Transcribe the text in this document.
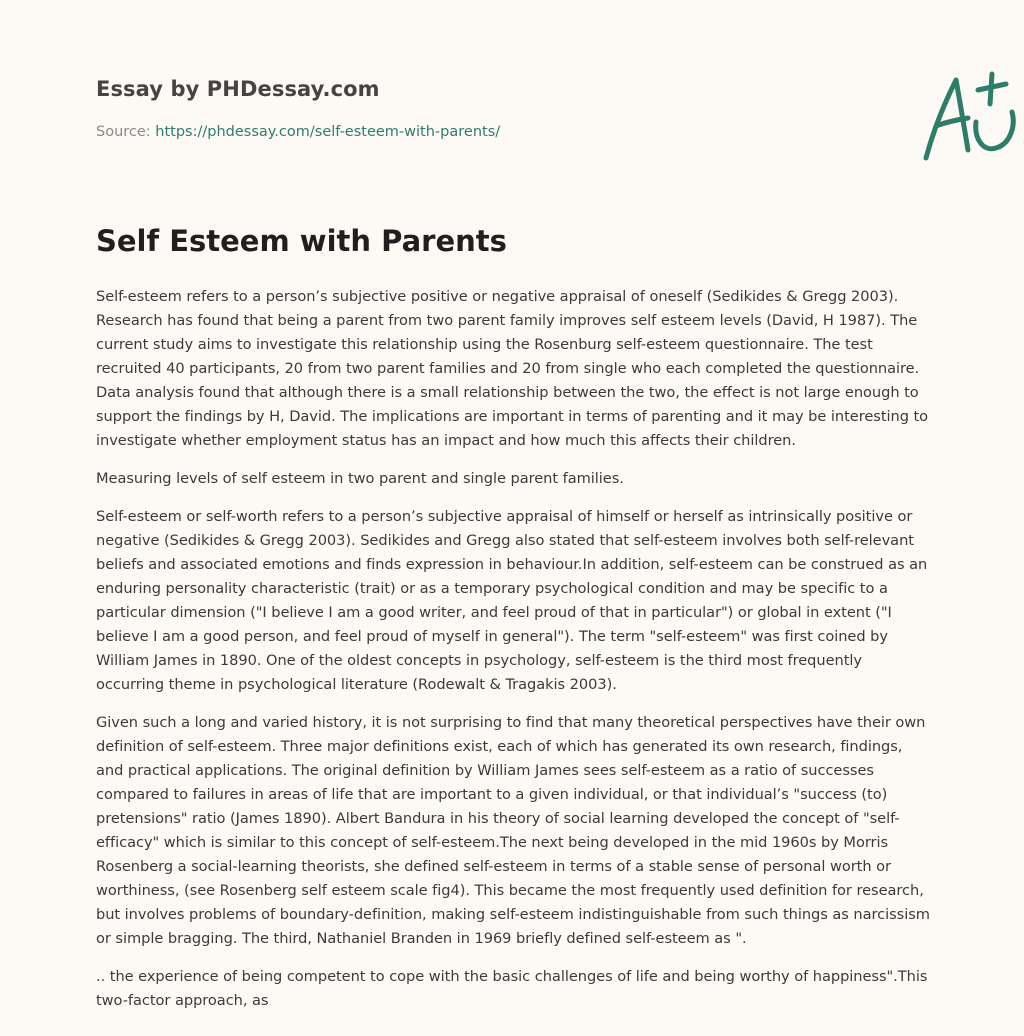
Essay by PHDessay.com
Source: https://phdessay.com/self-esteem-with-parents/
Self Esteem with Parents

Self-esteem refers to a person’s subjective positive or negative appraisal of oneself (Sedikides & Gregg 2003). Research has found that being a parent from two parent family improves self esteem levels (David, H 1987). The current study aims to investigate this relationship using the Rosenburg self-esteem questionnaire. The test recruited 40 participants, 20 from two parent families and 20 from single who each completed the questionnaire. Data analysis found that although there is a small relationship between the two, the effect is not large enough to support the findings by H, David. The implications are important in terms of parenting and it may be interesting to investigate whether employment status has an impact and how much this affects their children.

Measuring levels of self esteem in two parent and single parent families.

Self-esteem or self-worth refers to a person’s subjective appraisal of himself or herself as intrinsically positive or negative (Sedikides & Gregg 2003). Sedikides and Gregg also stated that self-esteem involves both self-relevant beliefs and associated emotions and finds expression in behaviour.In addition, self-esteem can be construed as an enduring personality characteristic (trait) or as a temporary psychological condition and may be specific to a particular dimension ("I believe I am a good writer, and feel proud of that in particular") or global in extent ("I believe I am a good person, and feel proud of myself in general"). The term "self-esteem" was first coined by William James in 1890. One of the oldest concepts in psychology, self-esteem is the third most frequently occurring theme in psychological literature (Rodewalt & Tragakis 2003).

Given such a long and varied history, it is not surprising to find that many theoretical perspectives have their own definition of self-esteem. Three major definitions exist, each of which has generated its own research, findings, and practical applications. The original definition by William James sees self-esteem as a ratio of successes compared to failures in areas of life that are important to a given individual, or that individual’s "success (to) pretensions" ratio (James 1890). Albert Bandura in his theory of social learning developed the concept of "self-efficacy" which is similar to this concept of self-esteem.The next being developed in the mid 1960s by Morris Rosenberg a social-learning theorists, she defined self-esteem in terms of a stable sense of personal worth or worthiness, (see Rosenberg self esteem scale fig4). This became the most frequently used definition for research, but involves problems of boundary-definition, making self-esteem indistinguishable from such things as narcissism or simple bragging. The third, Nathaniel Branden in 1969 briefly defined self-esteem as ".

.. the experience of being competent to cope with the basic challenges of life and being worthy of happiness".This two-factor approach, as
